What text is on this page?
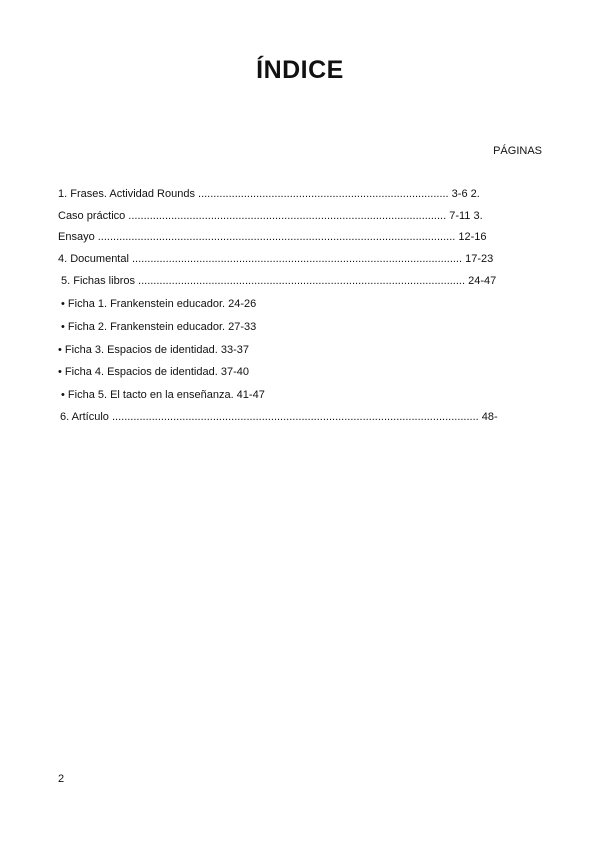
ÍNDICE
PÁGINAS
1. Frases. Actividad Rounds .................................................................................. 3-6 2.
Caso práctico ........................................................................................................ 7-11 3.
Ensayo ..................................................................................................................... 12-16
4. Documental ............................................................................................................ 17-23
5. Fichas libros ........................................................................................................... 24-47
• Ficha 1. Frankenstein educador. 24-26
• Ficha 2. Frankenstein educador. 27-33
• Ficha 3. Espacios de identidad. 33-37
• Ficha 4. Espacios de identidad. 37-40
• Ficha 5. El tacto en la enseñanza. 41-47
6. Artículo ........................................................................................................................ 48-
2
